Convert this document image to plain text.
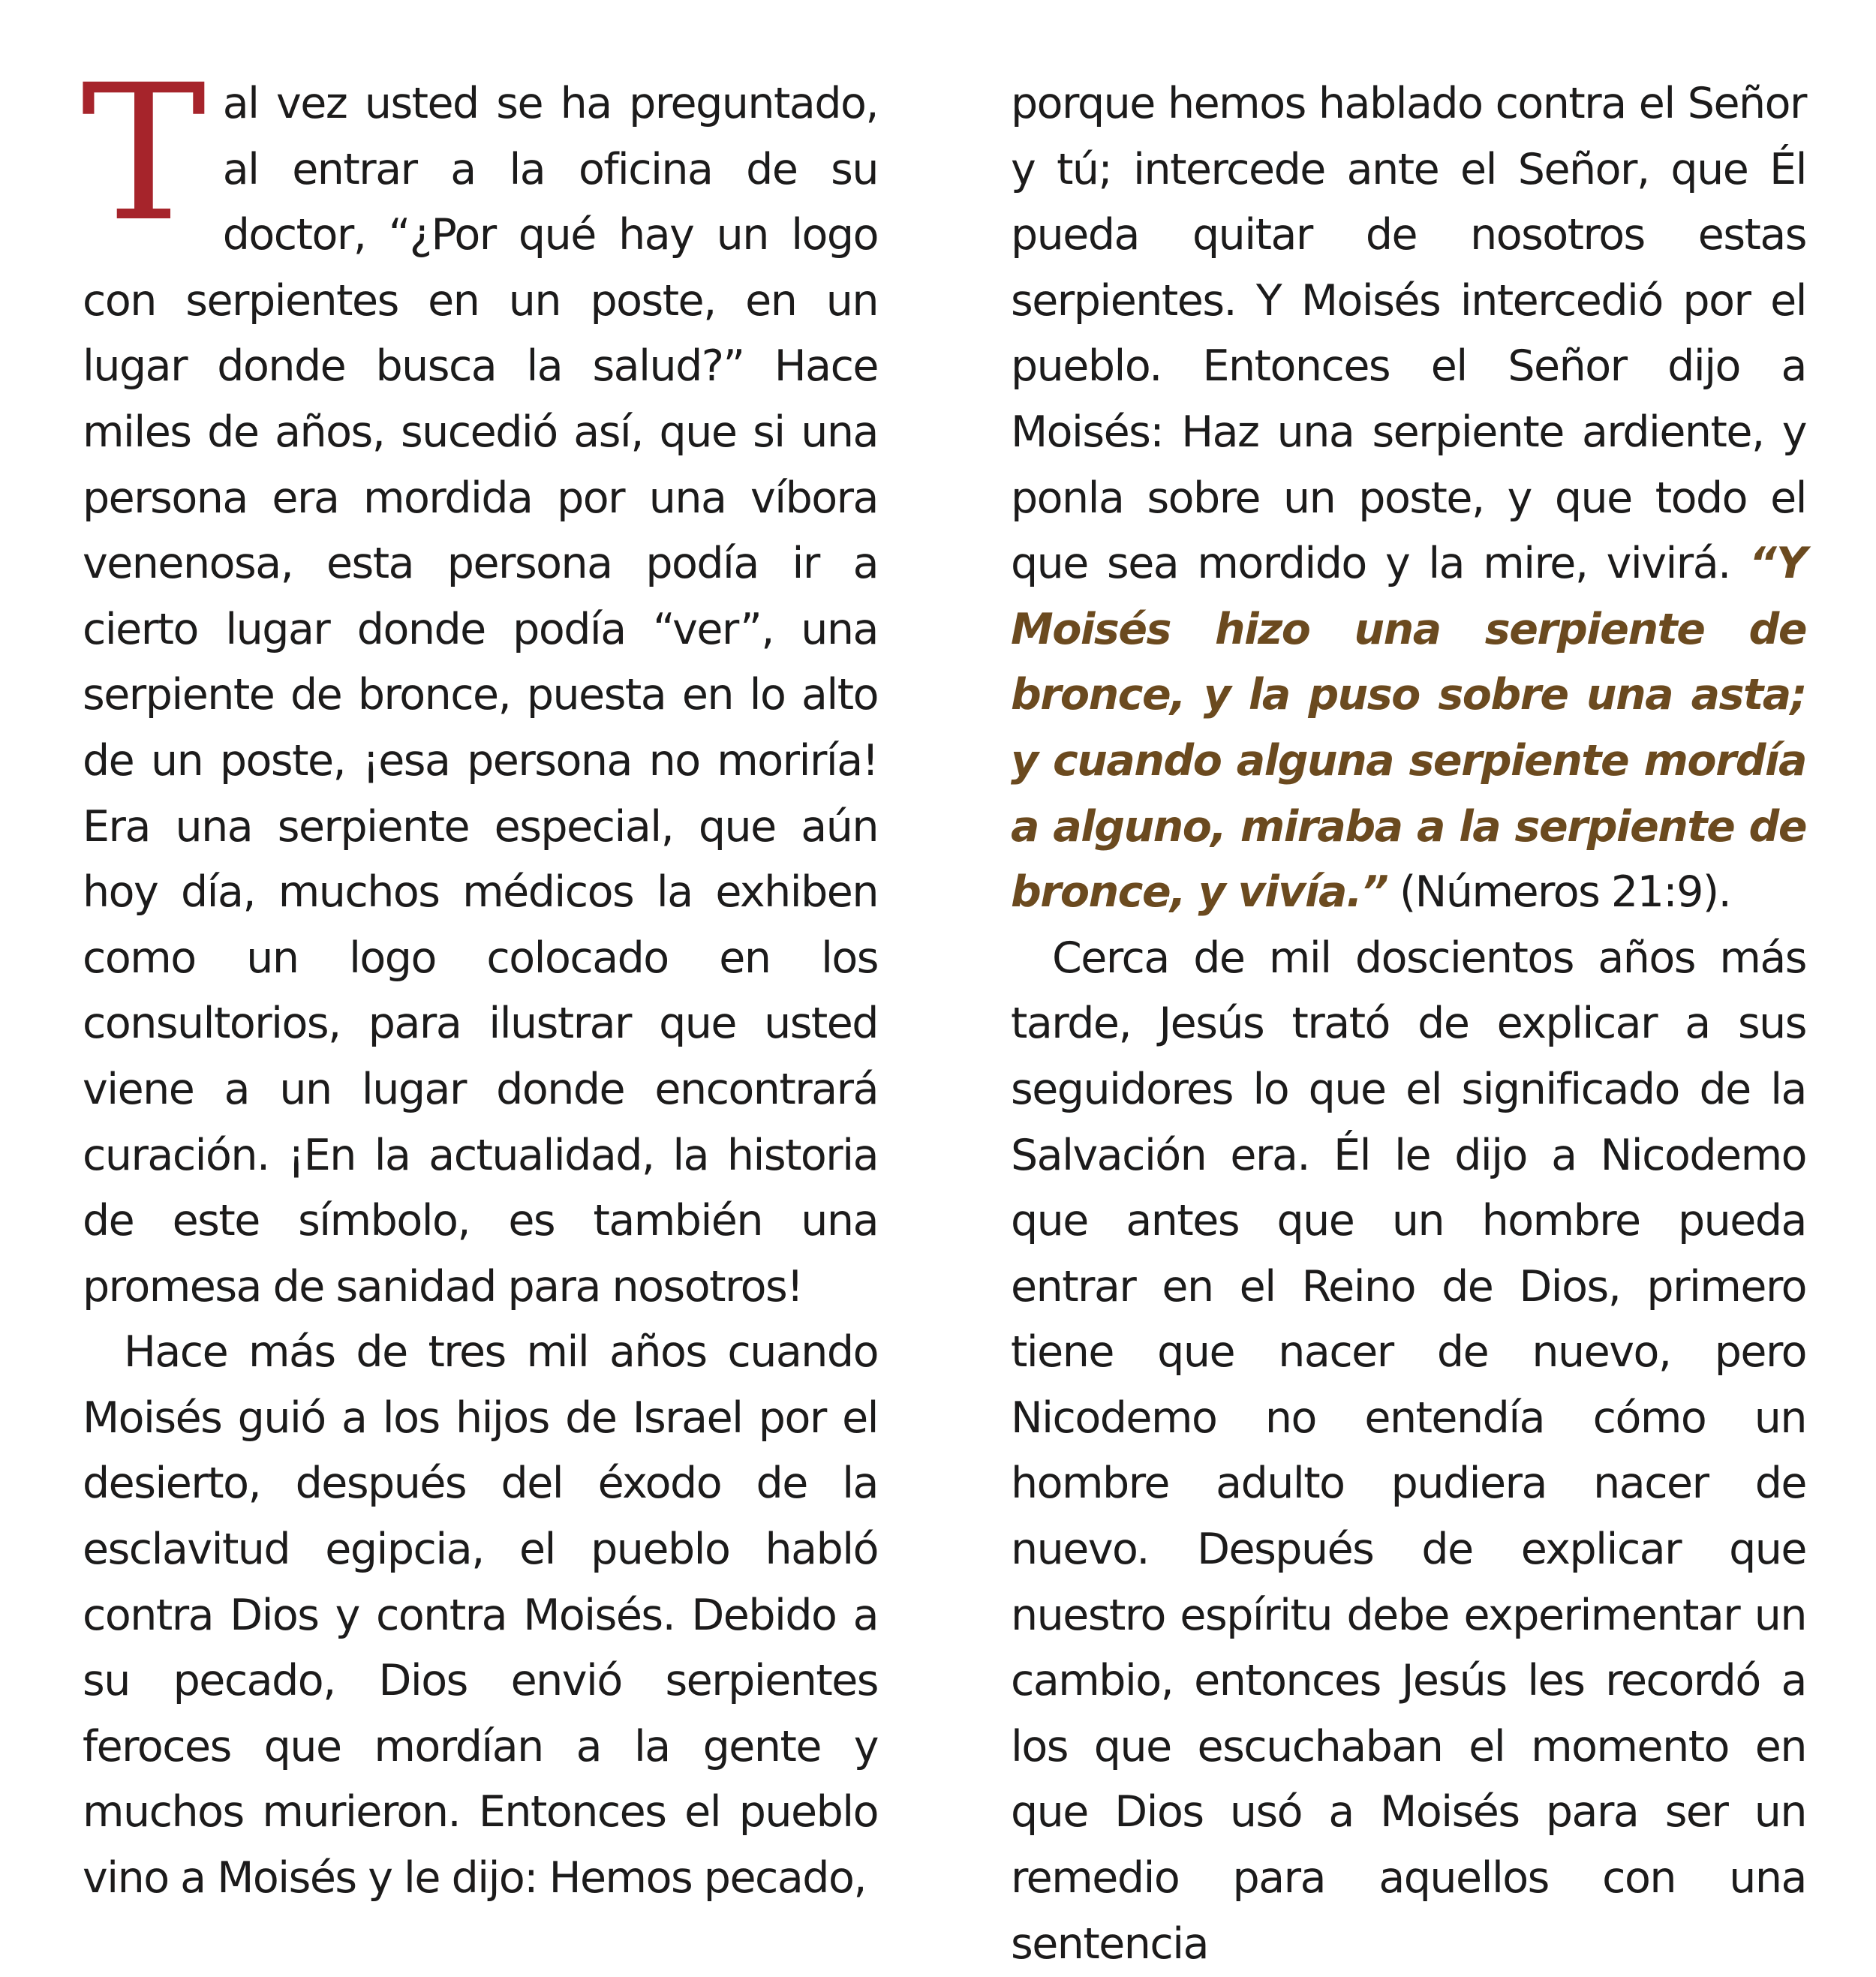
Tal vez usted se ha preguntado, al entrar a la oficina de su doctor, “¿Por qué hay un logo con serpientes en un poste, en un lugar donde busca la salud?” Hace miles de años, sucedió así, que si una persona era mordida por una víbora venenosa, esta persona podía ir a cierto lugar donde podía “ver”, una serpiente de bronce, puesta en lo alto de un poste, ¡esa persona no moriría! Era una serpiente especial, que aún hoy día, muchos médicos la exhiben como un logo colocado en los consultorios, para ilustrar que usted viene a un lugar donde encontrará curación. ¡En la actualidad, la historia de este símbolo, es también una promesa de sanidad para nosotros!

Hace más de tres mil años cuando Moisés guió a los hijos de Israel por el desierto, después del éxodo de la esclavitud egipcia, el pueblo habló contra Dios y contra Moisés. Debido a su pecado, Dios envió serpientes feroces que mordían a la gente y muchos murieron. Entonces el pueblo vino a Moisés y le dijo: Hemos pecado,

porque hemos hablado contra el Señor y tú; intercede ante el Señor, que Él pueda quitar de nosotros estas serpientes. Y Moisés intercedió por el pueblo. Entonces el Señor dijo a Moisés: Haz una serpiente ardiente, y ponla sobre un poste, y que todo el que sea mordido y la mire, vivirá. “Y Moisés hizo una serpiente de bronce, y la puso sobre una asta; y cuando alguna serpiente mordía a alguno, miraba a la serpiente de bronce, y vivía.” (Números 21:9).

Cerca de mil doscientos años más tarde, Jesús trató de explicar a sus seguidores lo que el significado de la Salvación era. Él le dijo a Nicodemo que antes que un hombre pueda entrar en el Reino de Dios, primero tiene que nacer de nuevo, pero Nicodemo no entendía cómo un hombre adulto pudiera nacer de nuevo. Después de explicar que nuestro espíritu debe experimentar un cambio, entonces Jesús les recordó a los que escuchaban el momento en que Dios usó a Moisés para ser un remedio para aquellos con una sentencia
